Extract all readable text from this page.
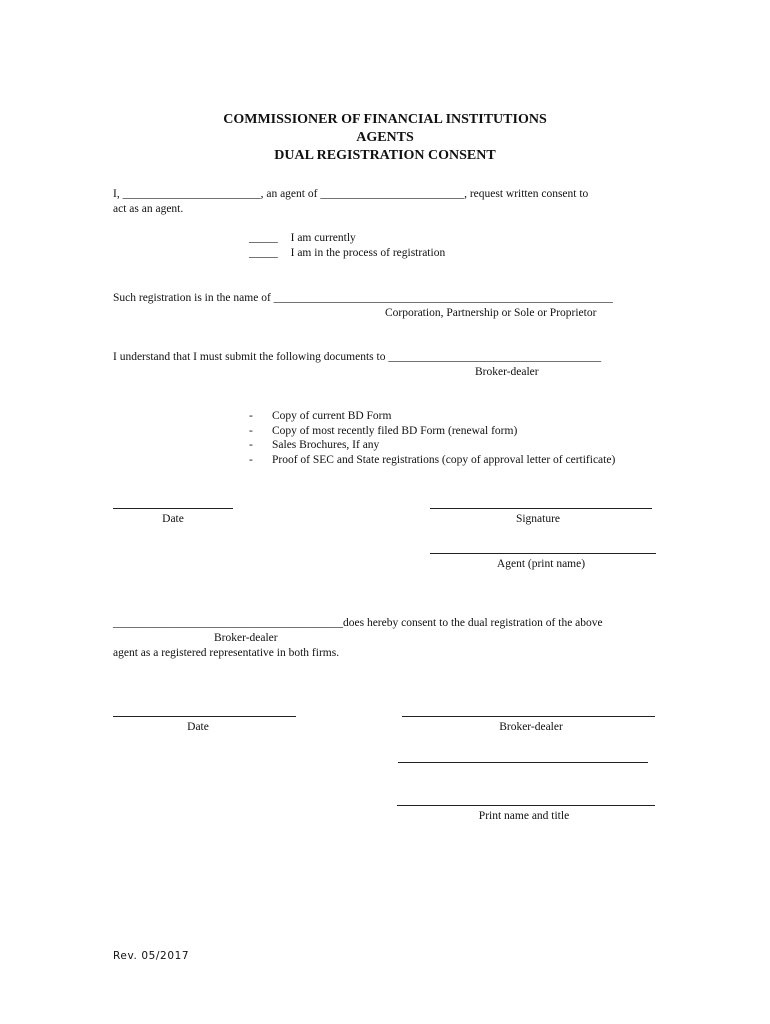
COMMISSIONER OF FINANCIAL INSTITUTIONS
AGENTS
DUAL REGISTRATION CONSENT
I, ________________________, an agent of _________________________, request written consent to
act as an agent.
_____ I am currently
_____ I am in the process of registration
Such registration is in the name of ___________________________________________________________
Corporation, Partnership or Sole or Proprietor
I understand that I must submit the following documents to _____________________________________
Broker-dealer
- Copy of current BD Form
- Copy of most recently filed BD Form (renewal form)
- Sales Brochures, If any
- Proof of SEC and State registrations (copy of approval letter of certificate)
Date	Signature
Agent (print name)
________________________________________does hereby consent to the dual registration of the above
Broker-dealer
agent as a registered representative in both firms.
Date	Broker-dealer
Print name and title
Rev. 05/2017
